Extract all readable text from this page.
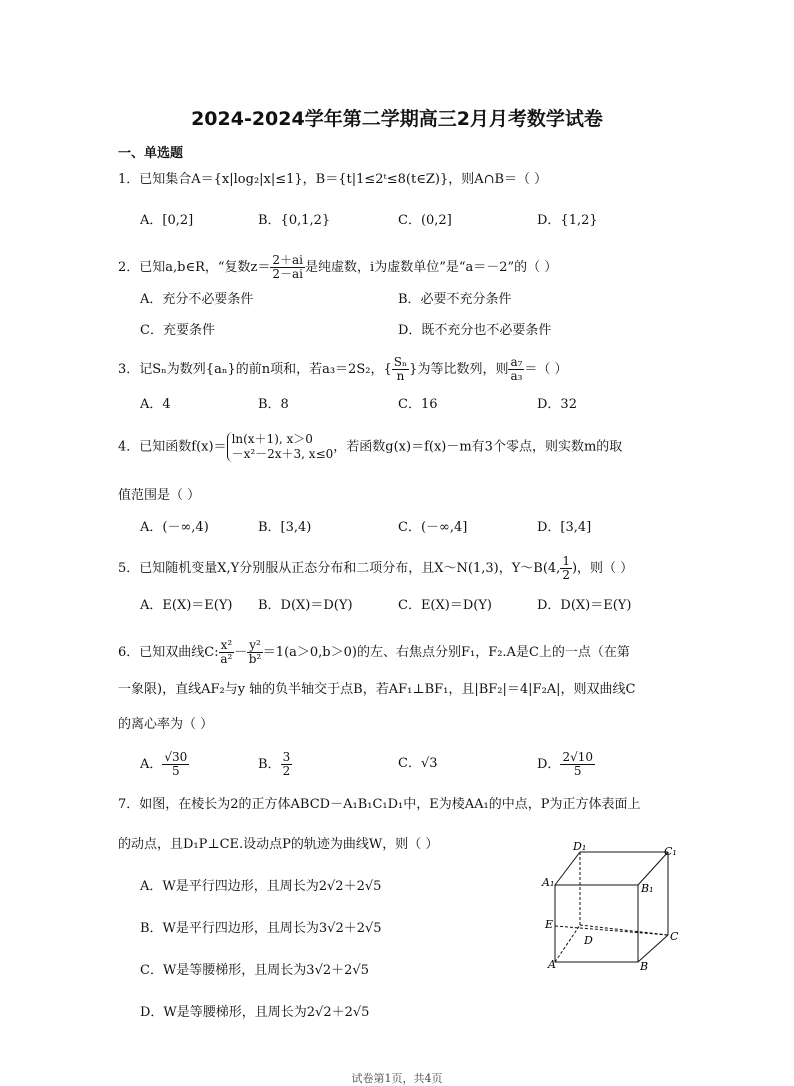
2024-2024学年第二学期高三2月月考数学试卷
一、单选题
1．已知集合A＝{x|log₂|x|≤1}，B＝{t|1≤2ᵗ≤8(t∈Z)}，则A∩B＝（ ）
A．[0,2]	B．{0,1,2}	C．(0,2]	D．{1,2}
2．已知a,b∈R，“复数$z= \frac{2+ai}{2-ai}$ 是纯虚数，i为虚数单位”是“a＝－2”的（ ）
A．充分不必要条件	B．必要不充分条件
C．充要条件	D．既不充分也不必要条件
3．记Sₙ为数列{aₙ}的前n项和，若a₃＝2S₂，{ $\frac{\text{Sₙ}}{n}$ }为等比数列，则 $\frac{\text{a₇}}{\text{a₃}}$ ＝（ ）
A．4	B．8	C．16	D．32
4．已知函数f(x)＝
ln(x＋1), x＞0
－x²－2x＋3, x≤0 ，若函数g(x)＝f(x)－m有3个零点，则实数m的取
值范围是（ ）
A．(－∞,4)	B．[3,4)	C．(－∞,4]	D．[3,4]
5．已知随机变量X,Y分别服从正态分布和二项分布，且X～N(1,3)，Y～B(4, $\frac{1}{2}$ )，则（ ）
A．E(X)＝E(Y) B．D(X)＝D(Y)	C．E(X)＝D(Y)	D．D(X)＝E(Y)
6．已知双曲线C: $\frac{\text{x²}}{\text{a²}} - \frac{\text{y²}}{\text{b²}} =1(a>0,b>0)$的左、右焦点分别F₁，F₂.A是C上的一点（在第
一象限)，直线AF₂与y 轴的负半轴交于点B，若AF₁⊥BF₁，且|BF₂|＝4|F₂A|，则双曲线C
的离心率为（ ）
A． $\frac{√30}{5}$	B． $\frac{3}{2}$	C．√3	D． $\frac{2√10}{5}$
7．如图，在棱长为2的正方体ABCD－A₁B₁C₁D₁中，E为棱AA₁的中点，P为正方体表面上
的动点，且D₁P⊥CE.设动点P的轨迹为曲线W，则（ ）
A．W是平行四边形，且周长为2√2＋2√5
B．W是平行四边形，且周长为3√2＋2√5
C．W是等腰梯形，且周长为3√2＋2√5
D．W是等腰梯形，且周长为2√2＋2√5
D₁	C₁
A₁	B₁
E
D	C
A	B
试卷第1页，共4页
